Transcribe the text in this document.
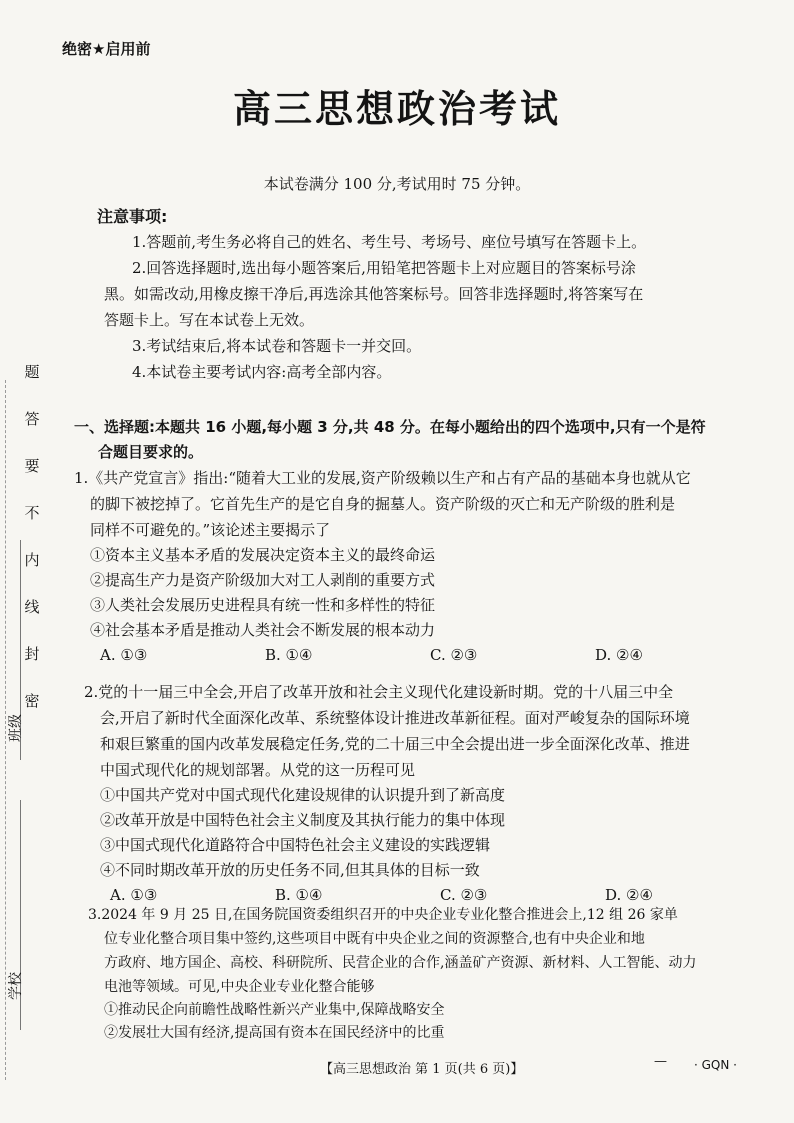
题
答
要
不
内
线
封
密
班级
学校
绝密★启用前
高三思想政治考试
本试卷满分 100 分,考试用时 75 分钟。
注意事项:

1.答题前,考生务必将自己的姓名、考生号、考场号、座位号填写在答题卡上。

2.回答选择题时,选出每小题答案后,用铅笔把答题卡上对应题目的答案标号涂

黑。如需改动,用橡皮擦干净后,再选涂其他答案标号。回答非选择题时,将答案写在

答题卡上。写在本试卷上无效。

3.考试结束后,将本试卷和答题卡一并交回。

4.本试卷主要考试内容:高考全部内容。

一、选择题:本题共 16 小题,每小题 3 分,共 48 分。在每小题给出的四个选项中,只有一个是符
合题目要求的。

1.《共产党宣言》指出:“随着大工业的发展,资产阶级赖以生产和占有产品的基础本身也就从它

的脚下被挖掉了。它首先生产的是它自身的掘墓人。资产阶级的灭亡和无产阶级的胜利是

同样不可避免的。”该论述主要揭示了

①资本主义基本矛盾的发展决定资本主义的最终命运

②提高生产力是资产阶级加大对工人剥削的重要方式

③人类社会发展历史进程具有统一性和多样性的特征

④社会基本矛盾是推动人类社会不断发展的根本动力

A. ①③	B. ①④	C. ②③	D. ②④

2.党的十一届三中全会,开启了改革开放和社会主义现代化建设新时期。党的十八届三中全

会,开启了新时代全面深化改革、系统整体设计推进改革新征程。面对严峻复杂的国际环境

和艰巨繁重的国内改革发展稳定任务,党的二十届三中全会提出进一步全面深化改革、推进

中国式现代化的规划部署。从党的这一历程可见

①中国共产党对中国式现代化建设规律的认识提升到了新高度

②改革开放是中国特色社会主义制度及其执行能力的集中体现

③中国式现代化道路符合中国特色社会主义建设的实践逻辑

④不同时期改革开放的历史任务不同,但其具体的目标一致

A. ①③	B. ①④	C. ②③	D. ②④

3.2024 年 9 月 25 日,在国务院国资委组织召开的中央企业专业化整合推进会上,12 组 26 家单

位专业化整合项目集中签约,这些项目中既有中央企业之间的资源整合,也有中央企业和地

方政府、地方国企、高校、科研院所、民营企业的合作,涵盖矿产资源、新材料、人工智能、动力

电池等领域。可见,中央企业专业化整合能够

①推动民企向前瞻性战略性新兴产业集中,保障战略安全

②发展壮大国有经济,提高国有资本在国民经济中的比重

【高三思想政治 第 1 页(共 6 页)】
— · GQN ·
